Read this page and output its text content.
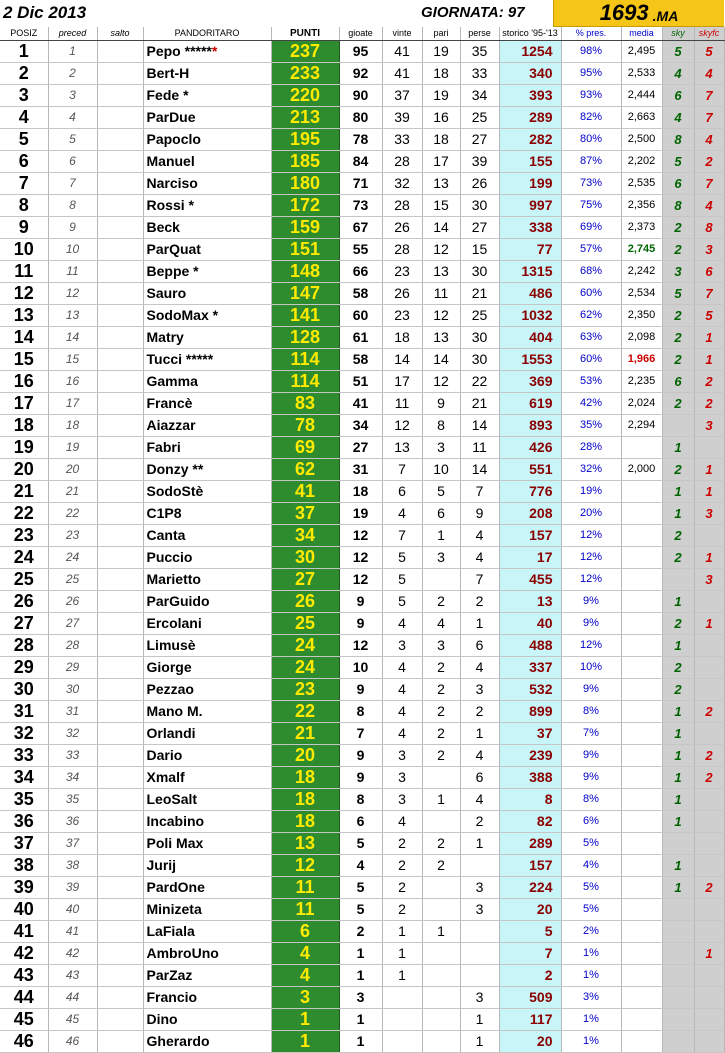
2 Dic 2013	GIORNATA: 97	1693 .MA
POSIZ	preced	salto	PANDORITARO	PUNTI	gioate	vinte	pari	perse	storico '95-'13	% pres.	media	sky	skyfc
1	1		Pepo ******	237	95	41	19	35	1254	98%	2,495	5	5
2	2		Bert-H	233	92	41	18	33	340	95%	2,533	4	4
3	3		Fede *	220	90	37	19	34	393	93%	2,444	6	7
4	4		ParDue	213	80	39	16	25	289	82%	2,663	4	7
5	5		Papoclo	195	78	33	18	27	282	80%	2,500	8	4
6	6		Manuel	185	84	28	17	39	155	87%	2,202	5	2
7	7		Narciso	180	71	32	13	26	199	73%	2,535	6	7
8	8		Rossi *	172	73	28	15	30	997	75%	2,356	8	4
9	9		Beck	159	67	26	14	27	338	69%	2,373	2	8
10	10		ParQuat	151	55	28	12	15	77	57%	2,745	2	3
11	11		Beppe *	148	66	23	13	30	1315	68%	2,242	3	6
12	12		Sauro	147	58	26	11	21	486	60%	2,534	5	7
13	13		SodoMax *	141	60	23	12	25	1032	62%	2,350	2	5
14	14		Matry	128	61	18	13	30	404	63%	2,098	2	1
15	15		Tucci *****	114	58	14	14	30	1553	60%	1,966	2	1
16	16		Gamma	114	51	17	12	22	369	53%	2,235	6	2
17	17		Francè	83	41	11	9	21	619	42%	2,024	2	2
18	18		Aiazzar	78	34	12	8	14	893	35%	2,294		3
19	19		Fabri	69	27	13	3	11	426	28%		1	
20	20		Donzy **	62	31	7	10	14	551	32%	2,000	2	1
21	21		SodoStè	41	18	6	5	7	776	19%		1	1
22	22		C1P8	37	19	4	6	9	208	20%		1	3
23	23		Canta	34	12	7	1	4	157	12%		2	
24	24		Puccio	30	12	5	3	4	17	12%		2	1
25	25		Marietto	27	12	5		7	455	12%			3
26	26		ParGuido	26	9	5	2	2	13	9%		1	
27	27		Ercolani	25	9	4	4	1	40	9%		2	1
28	28		Limusè	24	12	3	3	6	488	12%		1	
29	29		Giorge	24	10	4	2	4	337	10%		2	
30	30		Pezzao	23	9	4	2	3	532	9%		2	
31	31		Mano M.	22	8	4	2	2	899	8%		1	2
32	32		Orlandi	21	7	4	2	1	37	7%		1	
33	33		Dario	20	9	3	2	4	239	9%		1	2
34	34		Xmalf	18	9	3		6	388	9%		1	2
35	35		LeoSalt	18	8	3	1	4	8	8%		1	
36	36		Incabino	18	6	4		2	82	6%		1	
37	37		Poli Max	13	5	2	2	1	289	5%			
38	38		Jurij	12	4	2	2		157	4%		1	
39	39		PardOne	11	5	2		3	224	5%		1	2
40	40		Minizeta	11	5	2		3	20	5%			
41	41		LaFiala	6	2	1	1		5	2%			
42	42		AmbroUno	4	1	1			7	1%			1
43	43		ParZaz	4	1	1			2	1%			
44	44		Francio	3	3			3	509	3%			
45	45		Dino	1	1			1	117	1%			
46	46		Gherardo	1	1			1	20	1%			
